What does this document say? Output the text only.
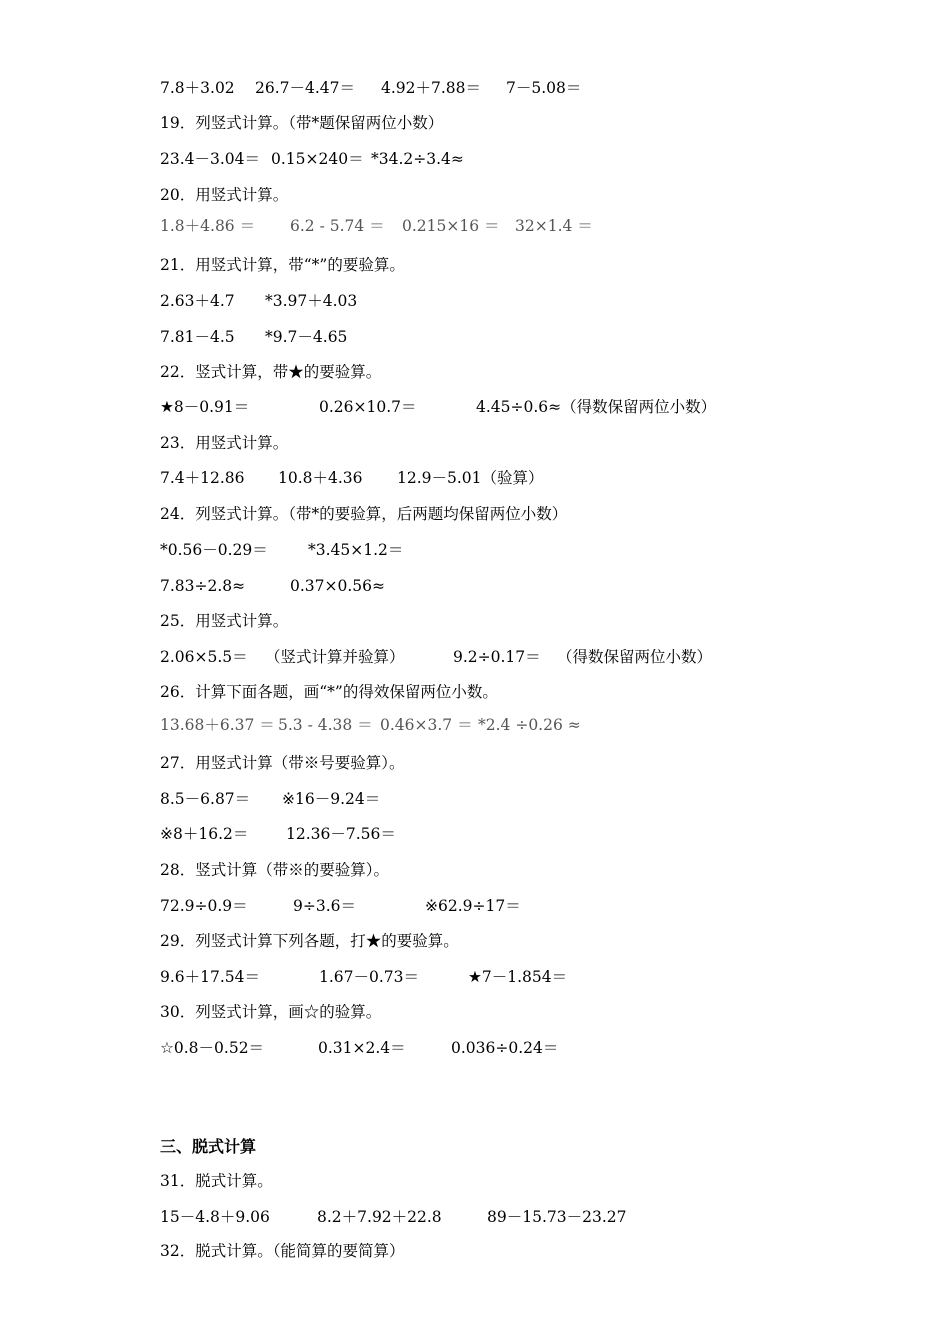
7.8＋3.02 26.7－4.47＝ 4.92＋7.88＝ 7－5.08＝
19．列竖式计算。（带*题保留两位小数）
23.4－3.04＝ 0.15×240＝ *34.2÷3.4≈
20．用竖式计算。
1.8＋4.86 ＝ 6.2 - 5.74 ＝ 0.215×16 ＝ 32×1.4 ＝
21．用竖式计算，带“*”的要验算。
2.63＋4.7 *3.97＋4.03
7.81－4.5 *9.7－4.65
22．竖式计算，带★的要验算。
★8－0.91＝	0.26×10.7＝	4.45÷0.6≈（得数保留两位小数）
23．用竖式计算。
7.4＋12.86 10.8＋4.36 12.9－5.01（验算）
24．列竖式计算。（带*的要验算，后两题均保留两位小数）
*0.56－0.29＝	*3.45×1.2＝
7.83÷2.8≈	0.37×0.56≈
25．用竖式计算。
2.06×5.5＝ （竖式计算并验算）	9.2÷0.17＝ （得数保留两位小数）
26．计算下面各题，画“*”的得效保留两位小数。
13.68＋6.37 ＝ 5.3 - 4.38 ＝ 0.46×3.7 ＝ *2.4 ÷0.26 ≈
27．用竖式计算（带※号要验算）。
8.5－6.87＝ ※16－9.24＝
※8＋16.2＝ 12.36－7.56＝
28．竖式计算（带※的要验算）。
72.9÷0.9＝	9÷3.6＝	※62.9÷17＝
29．列竖式计算下列各题，打★的要验算。
9.6＋17.54＝	1.67－0.73＝	★7－1.854＝
30．列竖式计算，画☆的验算。
☆0.8－0.52＝	0.31×2.4＝	0.036÷0.24＝
三、脱式计算
31．脱式计算。
15－4.8＋9.06	8.2＋7.92＋22.8	89－15.73－23.27
32．脱式计算。（能简算的要简算）
